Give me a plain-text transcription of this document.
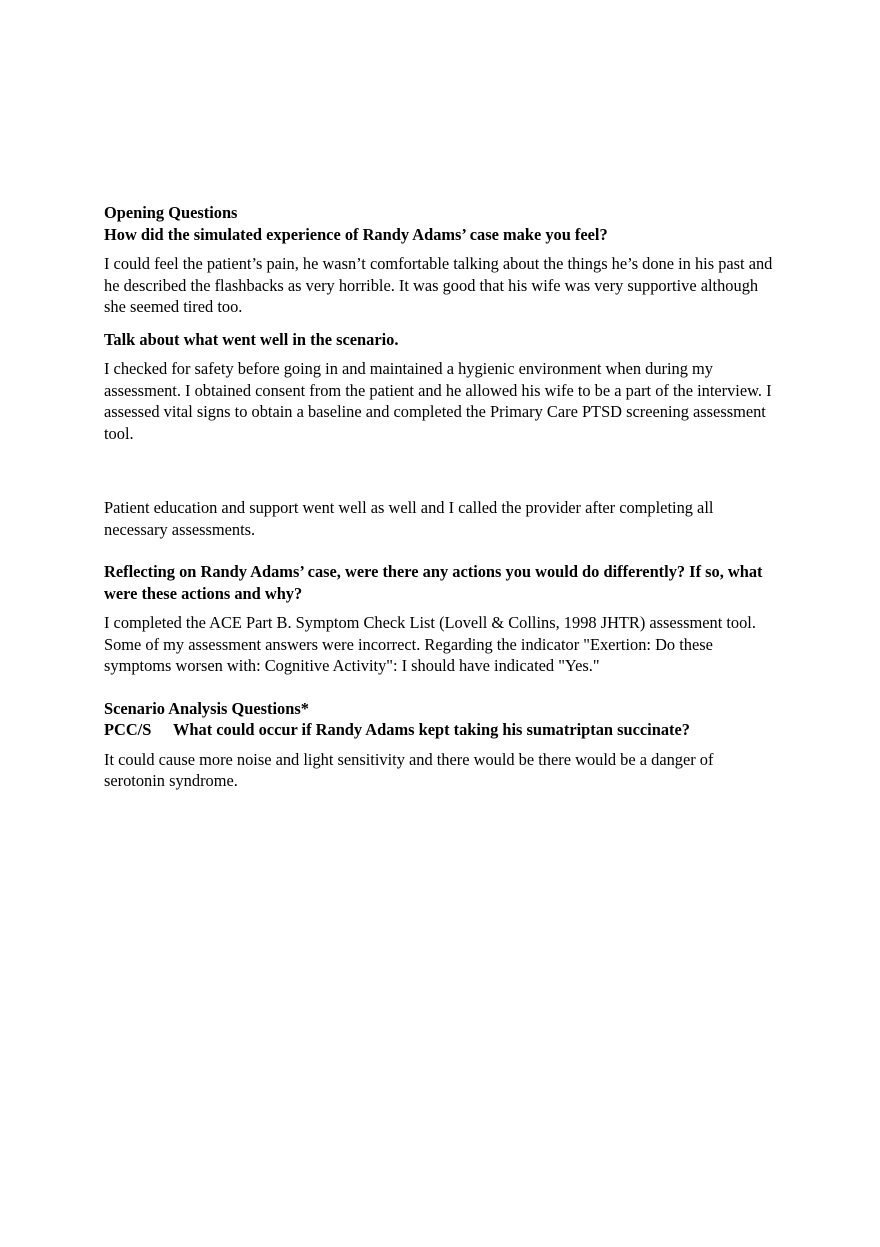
Opening Questions

How did the simulated experience of Randy Adams’ case make you feel?

I could feel the patient’s pain, he wasn’t comfortable talking about the things he’s done in his past and he described the flashbacks as very horrible. It was good that his wife was very supportive although she seemed tired too.

Talk about what went well in the scenario.

I checked for safety before going in and maintained a hygienic environment when during my assessment. I obtained consent from the patient and he allowed his wife to be a part of the interview. I assessed vital signs to obtain a baseline and completed the Primary Care PTSD screening assessment tool.

Patient education and support went well as well and I called the provider after completing all necessary assessments.

Reflecting on Randy Adams’ case, were there any actions you would do differently? If so, what were these actions and why?

I completed the ACE Part B. Symptom Check List (Lovell & Collins, 1998 JHTR) assessment tool. Some of my assessment answers were incorrect. Regarding the indicator "Exertion: Do these symptoms worsen with: Cognitive Activity": I should have indicated "Yes."

Scenario Analysis Questions*

PCC/S What could occur if Randy Adams kept taking his sumatriptan succinate?

It could cause more noise and light sensitivity and there would be there would be a danger of serotonin syndrome.
